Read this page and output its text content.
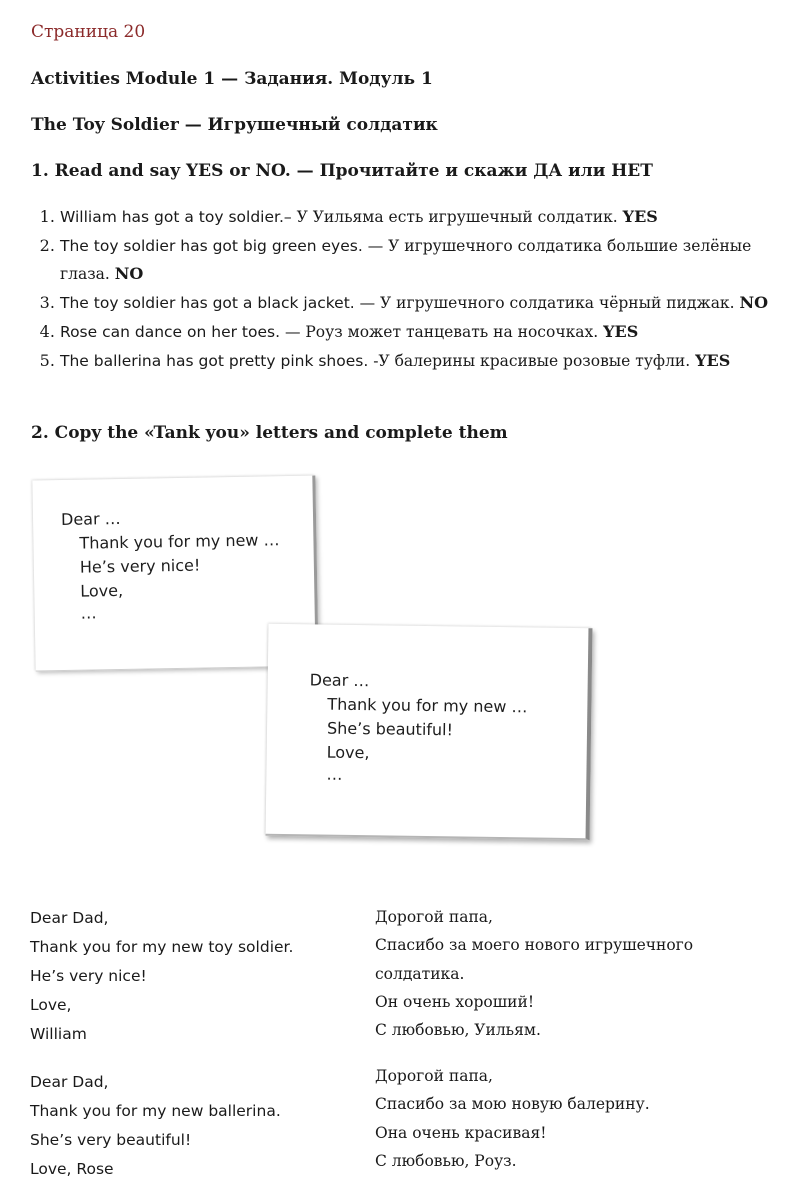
Страница 20
Activities Module 1 — Задания. Модуль 1
The Toy Soldier — Игрушечный солдатик
1. Read and say YES or NO. — Прочитайте и скажи ДА или НЕТ
1. William has got a toy soldier.– У Уильяма есть игрушечный солдатик. YES
2. The toy soldier has got big green eyes. — У игрушечного солдатика большие зелёные глаза. NO
3. The toy soldier has got a black jacket. — У игрушечного солдатика чёрный пиджак. NO
4. Rose can dance on her toes. — Роуз может танцевать на носочках. YES
5. The ballerina has got pretty pink shoes. -У балерины красивые розовые туфли. YES
2. Copy the «Tank you» letters and complete them
Dear …
Thank you for my new …
He’s very nice!
Love,
…
Dear …
Thank you for my new …
She’s beautiful!
Love,
…
Dear Dad,
Thank you for my new toy soldier.
He’s very nice!
Love,
William
Дорогой папа,
Спасибо за моего нового игрушечного
солдатика.
Он очень хороший!
С любовью, Уильям.
Dear Dad,
Thank you for my new ballerina.
She’s very beautiful!
Love, Rose
Дорогой папа,
Спасибо за мою новую балерину.
Она очень красивая!
С любовью, Роуз.
